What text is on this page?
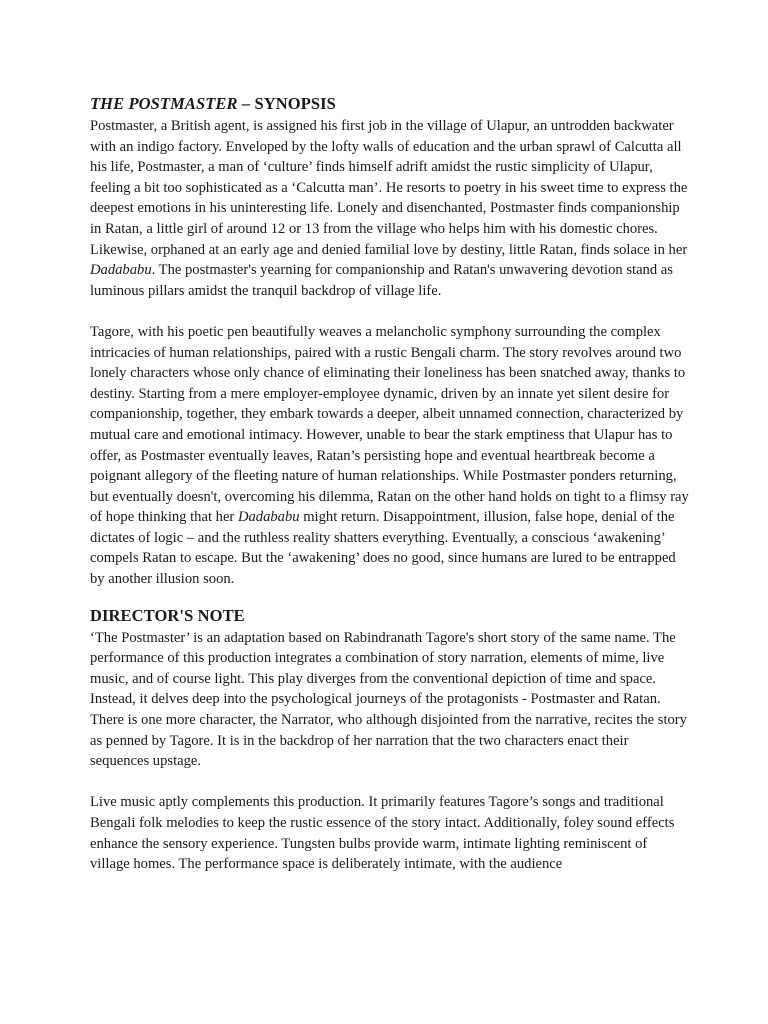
THE POSTMASTER – SYNOPSIS

Postmaster, a British agent, is assigned his first job in the village of Ulapur, an untrodden backwater with an indigo factory. Enveloped by the lofty walls of education and the urban sprawl of Calcutta all his life, Postmaster, a man of ‘culture’ finds himself adrift amidst the rustic simplicity of Ulapur, feeling a bit too sophisticated as a ‘Calcutta man’. He resorts to poetry in his sweet time to express the deepest emotions in his uninteresting life. Lonely and disenchanted, Postmaster finds companionship in Ratan, a little girl of around 12 or 13 from the village who helps him with his domestic chores. Likewise, orphaned at an early age and denied familial love by destiny, little Ratan, finds solace in her Dadababu. The postmaster's yearning for companionship and Ratan's unwavering devotion stand as luminous pillars amidst the tranquil backdrop of village life.

Tagore, with his poetic pen beautifully weaves a melancholic symphony surrounding the complex intricacies of human relationships, paired with a rustic Bengali charm. The story revolves around two lonely characters whose only chance of eliminating their loneliness has been snatched away, thanks to destiny. Starting from a mere employer-employee dynamic, driven by an innate yet silent desire for companionship, together, they embark towards a deeper, albeit unnamed connection, characterized by mutual care and emotional intimacy. However, unable to bear the stark emptiness that Ulapur has to offer, as Postmaster eventually leaves, Ratan’s persisting hope and eventual heartbreak become a poignant allegory of the fleeting nature of human relationships. While Postmaster ponders returning, but eventually doesn't, overcoming his dilemma, Ratan on the other hand holds on tight to a flimsy ray of hope thinking that her Dadababu might return. Disappointment, illusion, false hope, denial of the dictates of logic – and the ruthless reality shatters everything. Eventually, a conscious ‘awakening’ compels Ratan to escape. But the ‘awakening’ does no good, since humans are lured to be entrapped by another illusion soon.

DIRECTOR'S NOTE

‘The Postmaster’ is an adaptation based on Rabindranath Tagore's short story of the same name. The performance of this production integrates a combination of story narration, elements of mime, live music, and of course light. This play diverges from the conventional depiction of time and space. Instead, it delves deep into the psychological journeys of the protagonists - Postmaster and Ratan. There is one more character, the Narrator, who although disjointed from the narrative, recites the story as penned by Tagore. It is in the backdrop of her narration that the two characters enact their sequences upstage.

Live music aptly complements this production. It primarily features Tagore’s songs and traditional Bengali folk melodies to keep the rustic essence of the story intact. Additionally, foley sound effects enhance the sensory experience. Tungsten bulbs provide warm, intimate lighting reminiscent of village homes. The performance space is deliberately intimate, with the audience
